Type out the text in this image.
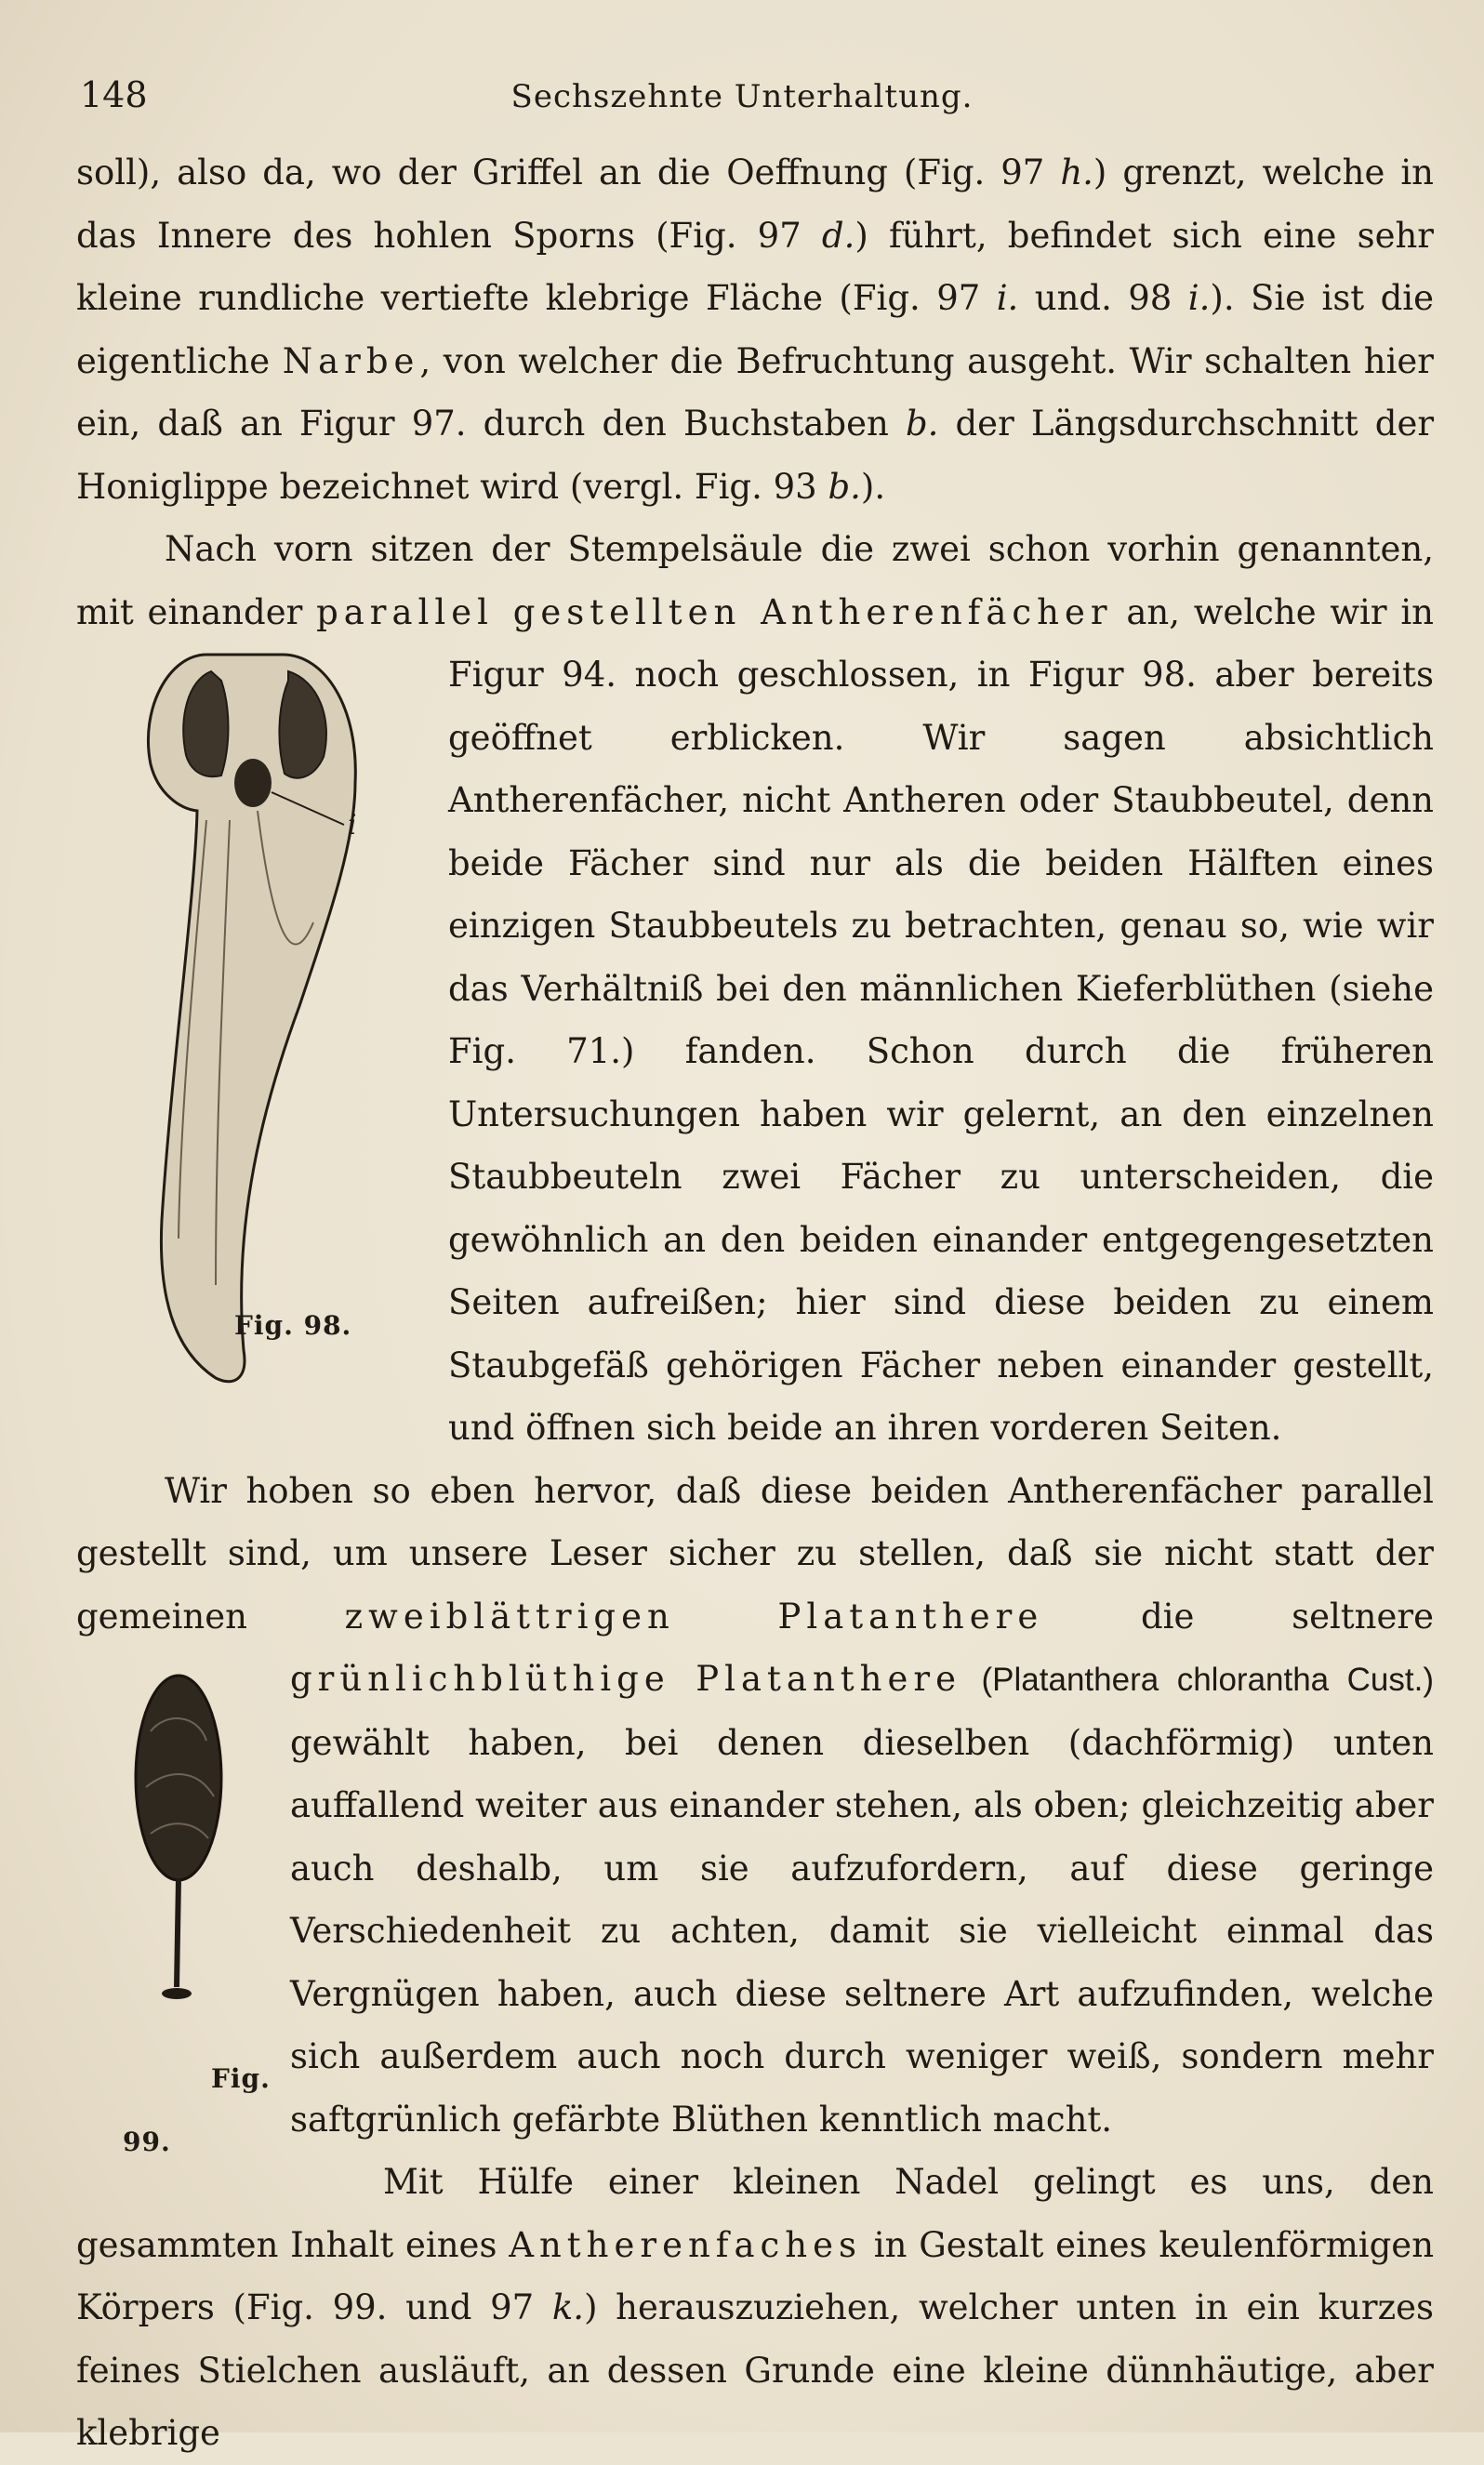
148	Sechszehnte Unterhaltung.

soll), also da, wo der Griffel an die Oeffnung (Fig. 97 h.) grenzt, welche in das Innere des hohlen Sporns (Fig. 97 d.) führt, befindet sich eine sehr kleine rundliche vertiefte klebrige Fläche (Fig. 97 i. und. 98 i.). Sie ist die eigentliche Narbe, von welcher die Befruchtung ausgeht. Wir schalten hier ein, daß an Figur 97. durch den Buchstaben b. der Längsdurchschnitt der Honiglippe bezeichnet wird (vergl. Fig. 93 b.).

Nach vorn sitzen der Stempelsäule die zwei schon vorhin genannten, mit einander parallel gestellten Antherenfächer
i
Fig. 98.
an, welche wir in Figur 94. noch geschlossen, in Figur 98. aber bereits geöffnet erblicken. Wir sagen absichtlich Antherenfächer, nicht Antheren oder Staubbeutel, denn beide Fächer sind nur als die beiden Hälften eines einzigen Staubbeutels zu betrachten, genau so, wie wir das Verhältniß bei den männlichen Kieferblüthen (siehe Fig. 71.) fanden. Schon durch die früheren Untersuchungen haben wir gelernt, an den einzelnen Staubbeuteln zwei Fächer zu unterscheiden, die gewöhnlich an den beiden einander entgegengesetzten Seiten aufreißen; hier sind diese beiden zu einem Staubgefäß gehörigen Fächer neben einander gestellt, und öffnen sich beide an ihren vorderen Seiten.

Wir hoben so eben hervor, daß diese beiden Antherenfächer parallel gestellt sind, um unsere Leser sicher zu stellen, daß sie nicht statt der gemeinen	zweiblättrigen Platanthere	die seltnere grünlichblüthige Platanthere (Platanthera chlorantha Cust.)
Fig. 99.
gewählt haben, bei denen dieselben (dachförmig) unten auffallend weiter aus einander stehen, als oben; gleichzeitig aber auch deshalb, um sie aufzufordern, auf diese geringe Verschiedenheit zu achten, damit sie vielleicht einmal das Vergnügen haben, auch diese seltnere Art aufzufinden, welche sich außerdem auch noch durch weniger weiß, sondern mehr saftgrünlich gefärbte Blüthen kenntlich macht.

Mit Hülfe einer kleinen Nadel gelingt es uns, den gesammten Inhalt eines Antherenfaches in Gestalt eines keulenförmigen Körpers (Fig. 99. und 97 k.) herauszuziehen, welcher unten in ein kurzes feines Stielchen ausläuft, an dessen Grunde eine kleine dünnhäutige, aber klebrige
